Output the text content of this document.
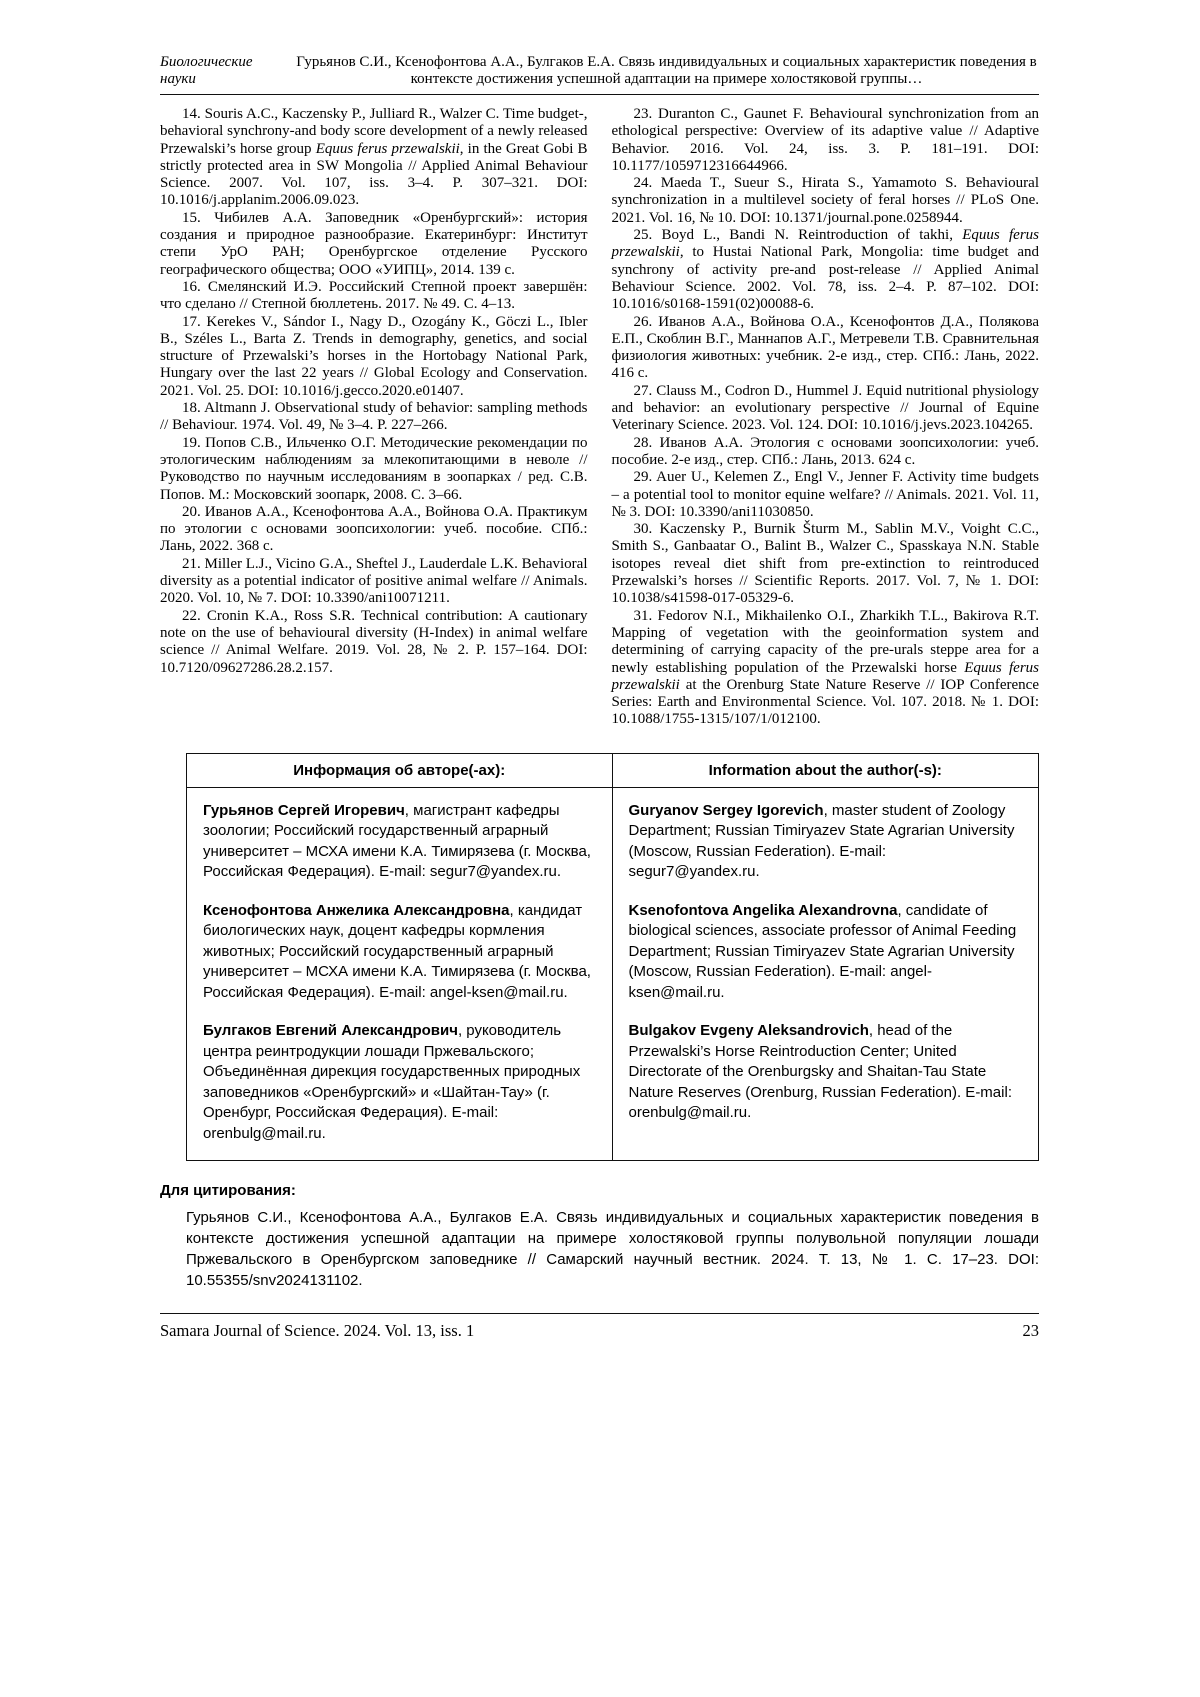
Биологические науки
Гурьянов С.И., Ксенофонтова А.А., Булгаков Е.А. Связь индивидуальных и социальных характеристик поведения в контексте достижения успешной адаптации на примере холостяковой группы…

14. Souris A.C., Kaczensky P., Julliard R., Walzer C. Time budget-, behavioral synchrony-and body score development of a newly released Przewalski’s horse group Equus ferus przewalskii, in the Great Gobi B strictly protected area in SW Mongolia // Applied Animal Behaviour Science. 2007. Vol. 107, iss. 3–4. P. 307–321. DOI: 10.1016/j.applanim.2006.09.023.

15. Чибилев А.А. Заповедник «Оренбургский»: история создания и природное разнообразие. Екатеринбург: Институт степи УрО РАН; Оренбургское отделение Русского географического общества; ООО «УИПЦ», 2014. 139 с.

16. Смелянский И.Э. Российский Степной проект завершён: что сделано // Степной бюллетень. 2017. № 49. С. 4–13.

17. Kerekes V., Sándor I., Nagy D., Ozogány K., Göczi L., Ibler B., Széles L., Barta Z. Trends in demography, genetics, and social structure of Przewalski’s horses in the Hortobagy National Park, Hungary over the last 22 years // Global Ecology and Conservation. 2021. Vol. 25. DOI: 10.1016/j.gecco.2020.e01407.

18. Altmann J. Observational study of behavior: sampling methods // Behaviour. 1974. Vol. 49, № 3–4. P. 227–266.

19. Попов С.В., Ильченко О.Г. Методические рекомендации по этологическим наблюдениям за млекопитающими в неволе // Руководство по научным исследованиям в зоопарках / ред. С.В. Попов. М.: Московский зоопарк, 2008. С. 3–66.

20. Иванов А.А., Ксенофонтова А.А., Войнова О.А. Практикум по этологии с основами зоопсихологии: учеб. пособие. СПб.: Лань, 2022. 368 с.

21. Miller L.J., Vicino G.A., Sheftel J., Lauderdale L.K. Behavioral diversity as a potential indicator of positive animal welfare // Animals. 2020. Vol. 10, № 7. DOI: 10.3390/ani10071211.

22. Cronin K.A., Ross S.R. Technical contribution: A cautionary note on the use of behavioural diversity (H-Index) in animal welfare science // Animal Welfare. 2019. Vol. 28, № 2. P. 157–164. DOI: 10.7120/09627286.28.2.157.

23. Duranton C., Gaunet F. Behavioural synchronization from an ethological perspective: Overview of its adaptive value // Adaptive Behavior. 2016. Vol. 24, iss. 3. P. 181–191. DOI: 10.1177/1059712316644966.

24. Maeda T., Sueur S., Hirata S., Yamamoto S. Behavioural synchronization in a multilevel society of feral horses // PLoS One. 2021. Vol. 16, № 10. DOI: 10.1371/journal.pone.0258944.

25. Boyd L., Bandi N. Reintroduction of takhi, Equus ferus przewalskii, to Hustai National Park, Mongolia: time budget and synchrony of activity pre-and post-release // Applied Animal Behaviour Science. 2002. Vol. 78, iss. 2–4. P. 87–102. DOI: 10.1016/s0168-1591(02)00088-6.

26. Иванов А.А., Войнова О.А., Ксенофонтов Д.А., Полякова Е.П., Скоблин В.Г., Маннапов А.Г., Метревели Т.В. Сравнительная физиология животных: учебник. 2-е изд., стер. СПб.: Лань, 2022. 416 с.

27. Clauss M., Codron D., Hummel J. Equid nutritional physiology and behavior: an evolutionary perspective // Journal of Equine Veterinary Science. 2023. Vol. 124. DOI: 10.1016/j.jevs.2023.104265.

28. Иванов А.А. Этология с основами зоопсихологии: учеб. пособие. 2-е изд., стер. СПб.: Лань, 2013. 624 с.

29. Auer U., Kelemen Z., Engl V., Jenner F. Activity time budgets – a potential tool to monitor equine welfare? // Animals. 2021. Vol. 11, № 3. DOI: 10.3390/ani11030850.

30. Kaczensky P., Burnik Šturm M., Sablin M.V., Voight C.C., Smith S., Ganbaatar O., Balint B., Walzer C., Spasskaya N.N. Stable isotopes reveal diet shift from pre-extinction to reintroduced Przewalski’s horses // Scientific Reports. 2017. Vol. 7, № 1. DOI: 10.1038/s41598-017-05329-6.

31. Fedorov N.I., Mikhailenko O.I., Zharkikh T.L., Bakirova R.T. Mapping of vegetation with the geoinformation system and determining of carrying capacity of the pre-urals steppe area for a newly establishing population of the Przewalski horse Equus ferus przewalskii at the Orenburg State Nature Reserve // IOP Conference Series: Earth and Environmental Science. Vol. 107. 2018. № 1. DOI: 10.1088/1755-1315/107/1/012100.

Информация об авторе(-ах):	Information about the author(-s):
Гурьянов Сергей Игоревич, магистрант кафедры зоологии; Российский государственный аграрный университет – МСХА имени К.А. Тимирязева (г. Москва, Российская Федерация). E-mail: segur7@yandex.ru.
Guryanov Sergey Igorevich, master student of Zoology Department; Russian Timiryazev State Agrarian University (Moscow, Russian Federation). E-mail: segur7@yandex.ru.
Ксенофонтова Анжелика Александровна, кандидат биологических наук, доцент кафедры кормления животных; Российский государственный аграрный университет – МСХА имени К.А. Тимирязева (г. Москва, Российская Федерация). E-mail: angel-ksen@mail.ru.
Ksenofontova Angelika Alexandrovna, candidate of biological sciences, associate professor of Animal Feeding Department; Russian Timiryazev State Agrarian University (Moscow, Russian Federation). E-mail: angel-ksen@mail.ru.
Булгаков Евгений Александрович, руководитель центра реинтродукции лошади Пржевальского; Объединённая дирекция государственных природных заповедников «Оренбургский» и «Шайтан-Тау» (г. Оренбург, Российская Федерация). E-mail: orenbulg@mail.ru.
Bulgakov Evgeny Aleksandrovich, head of the Przewalski’s Horse Reintroduction Center; United Directorate of the Orenburgsky and Shaitan-Tau State Nature Reserves (Orenburg, Russian Federation). E-mail: orenbulg@mail.ru.
Для цитирования:

Гурьянов С.И., Ксенофонтова А.А., Булгаков Е.А. Связь индивидуальных и социальных характеристик поведения в контексте достижения успешной адаптации на примере холостяковой группы полувольной популяции лошади Пржевальского в Оренбургском заповеднике // Самарский научный вестник. 2024. Т. 13, № 1. С. 17–23. DOI: 10.55355/snv2024131102.

Samara Journal of Science. 2024. Vol. 13, iss. 1	23
